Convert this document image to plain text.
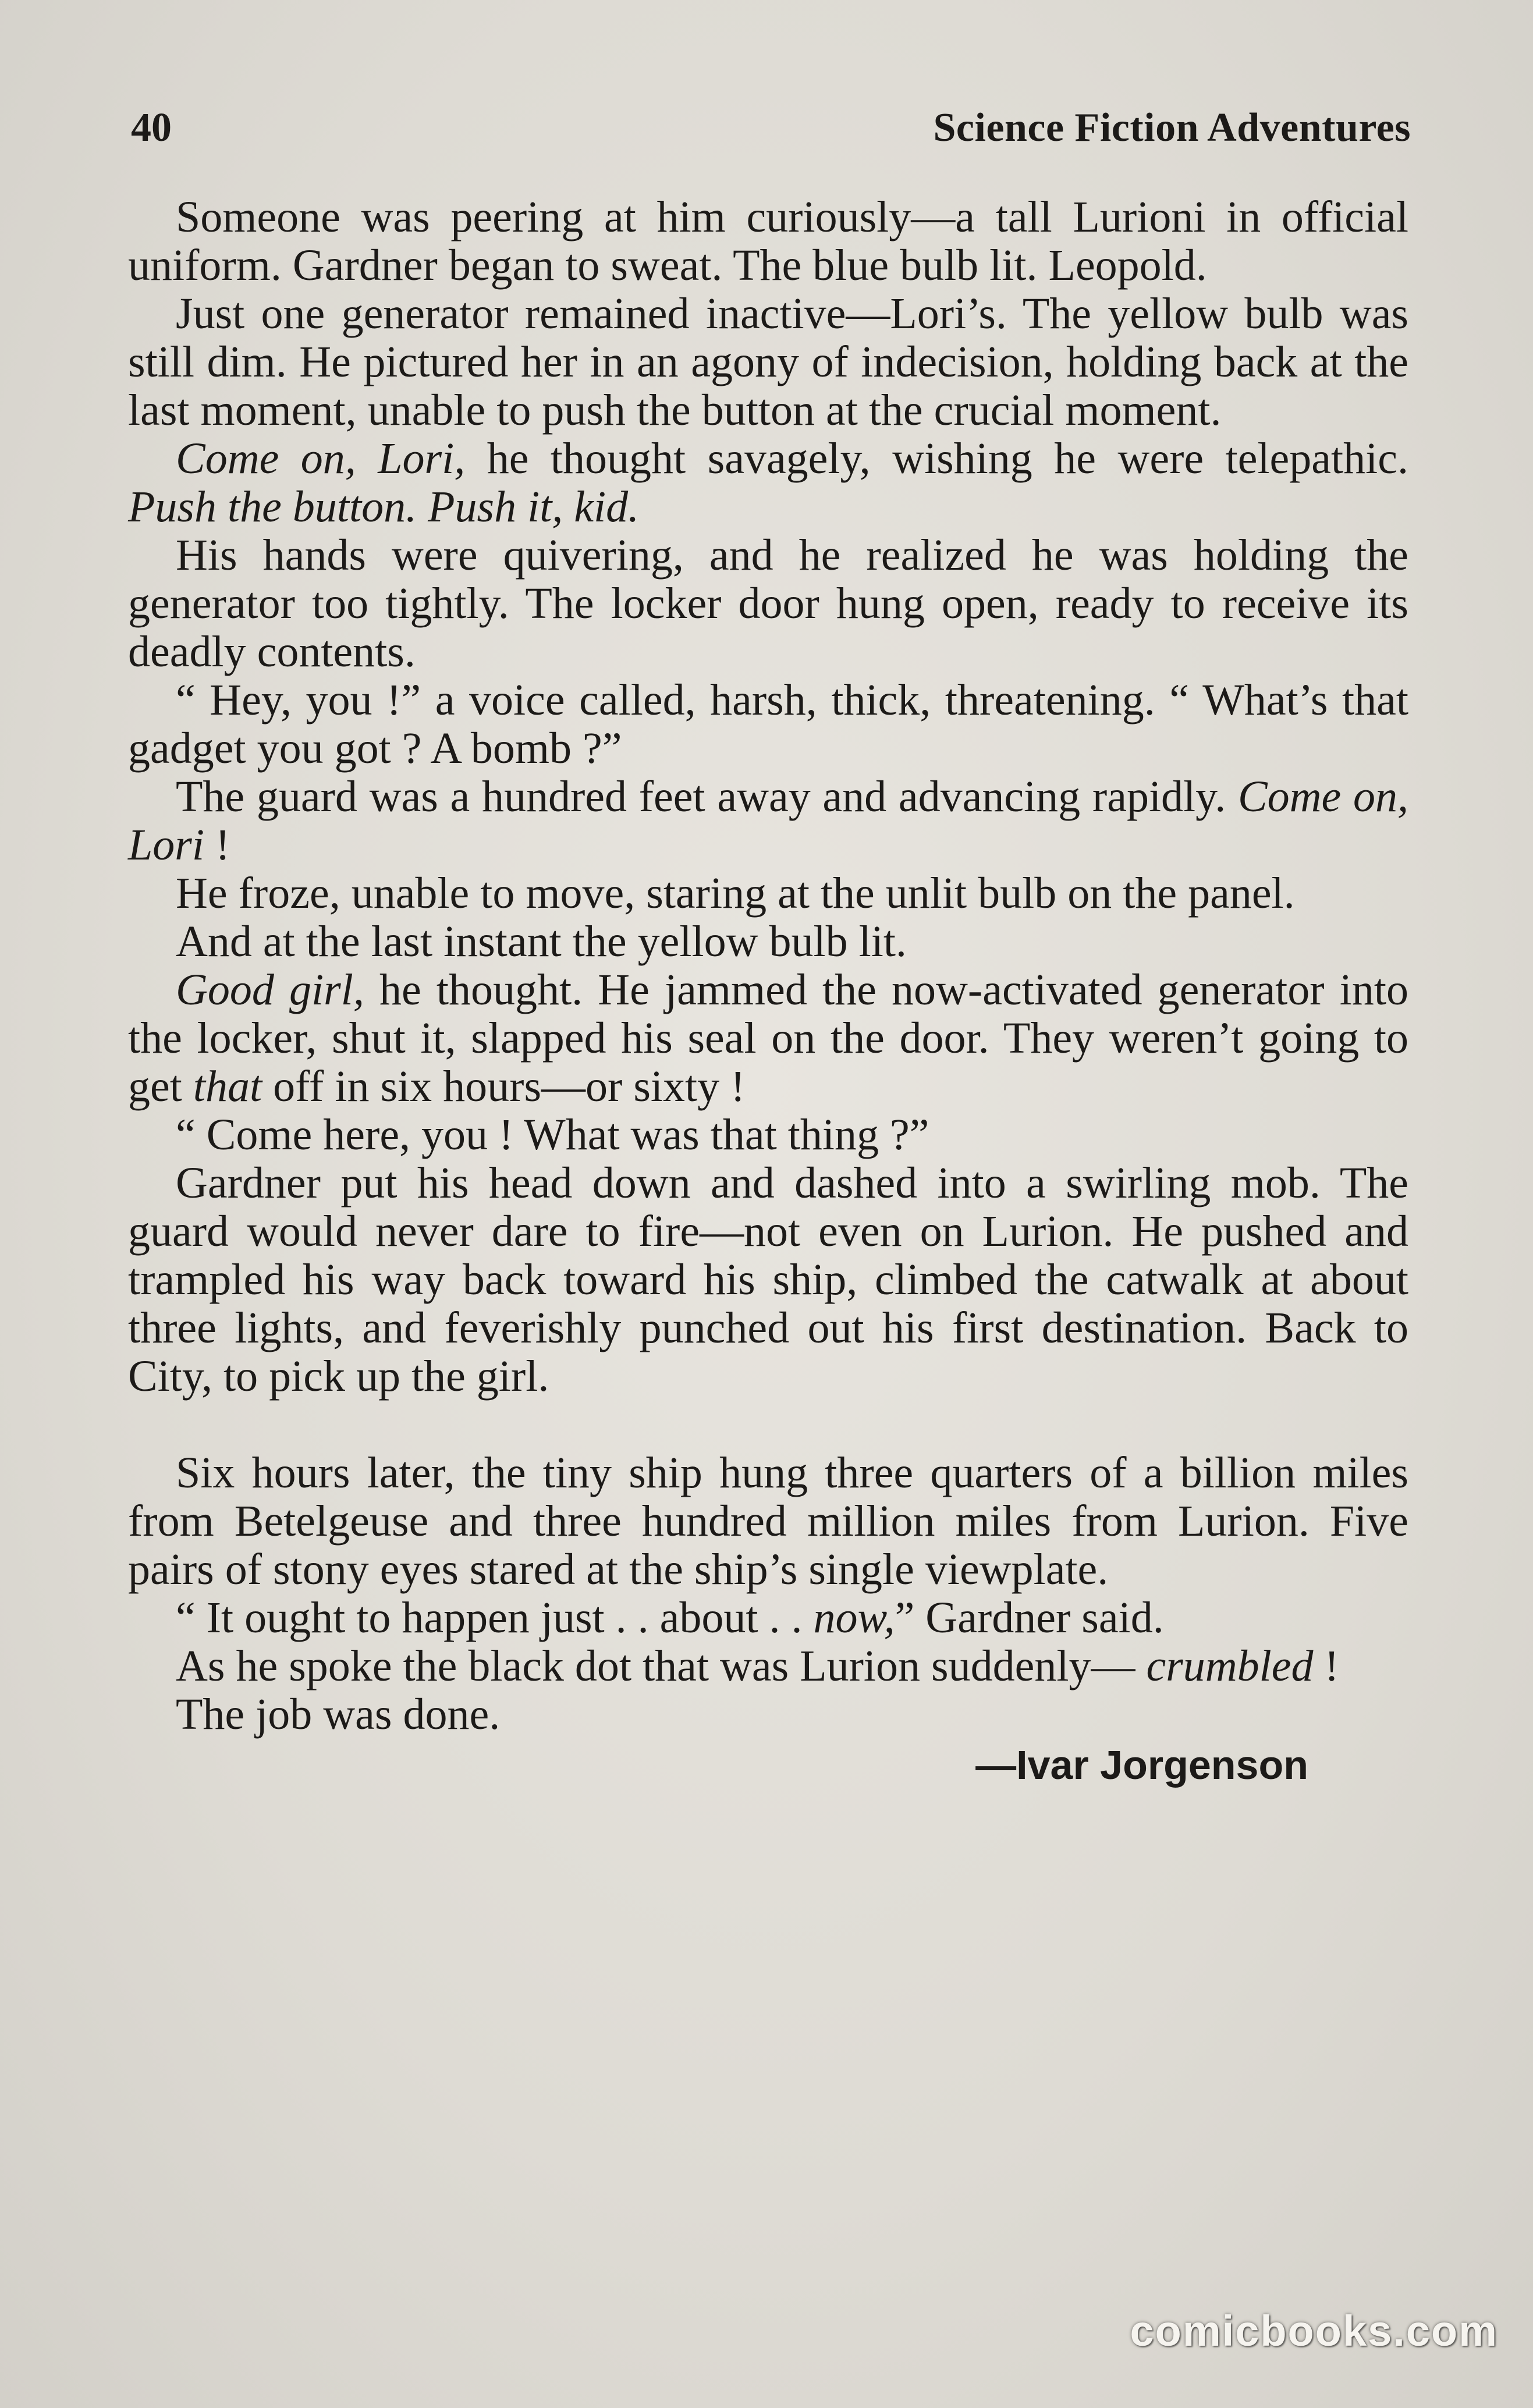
40	Science Fiction Adventures

Someone was peering at him curiously—a tall Lurioni in official uniform. Gardner began to sweat. The blue bulb lit. Leopold.

Just one generator remained inactive—Lori’s. The yellow bulb was still dim. He pictured her in an agony of indecision, holding back at the last moment, unable to push the button at the crucial moment.

Come on, Lori, he thought savagely, wishing he were telepathic. Push the button. Push it, kid.

His hands were quivering, and he realized he was holding the generator too tightly. The locker door hung open, ready to receive its deadly contents.

“ Hey, you !” a voice called, harsh, thick, threatening. “ What’s that gadget you got ? A bomb ?”

The guard was a hundred feet away and advancing rapidly. Come on, Lori !

He froze, unable to move, staring at the unlit bulb on the panel.

And at the last instant the yellow bulb lit.

Good girl, he thought. He jammed the now-activated generator into the locker, shut it, slapped his seal on the door. They weren’t going to get that off in six hours—or sixty !

“ Come here, you ! What was that thing ?”

Gardner put his head down and dashed into a swirling mob. The guard would never dare to fire—not even on Lurion. He pushed and trampled his way back toward his ship, climbed the catwalk at about three lights, and feverishly punched out his first destination. Back to City, to pick up the girl.

Six hours later, the tiny ship hung three quarters of a billion miles from Betelgeuse and three hundred million miles from Lurion. Five pairs of stony eyes stared at the ship’s single viewplate.

“ It ought to happen just . . about . . now,” Gardner said.

As he spoke the black dot that was Lurion suddenly— crumbled !

The job was done.

—Ivar Jorgenson
comicbooks.com
